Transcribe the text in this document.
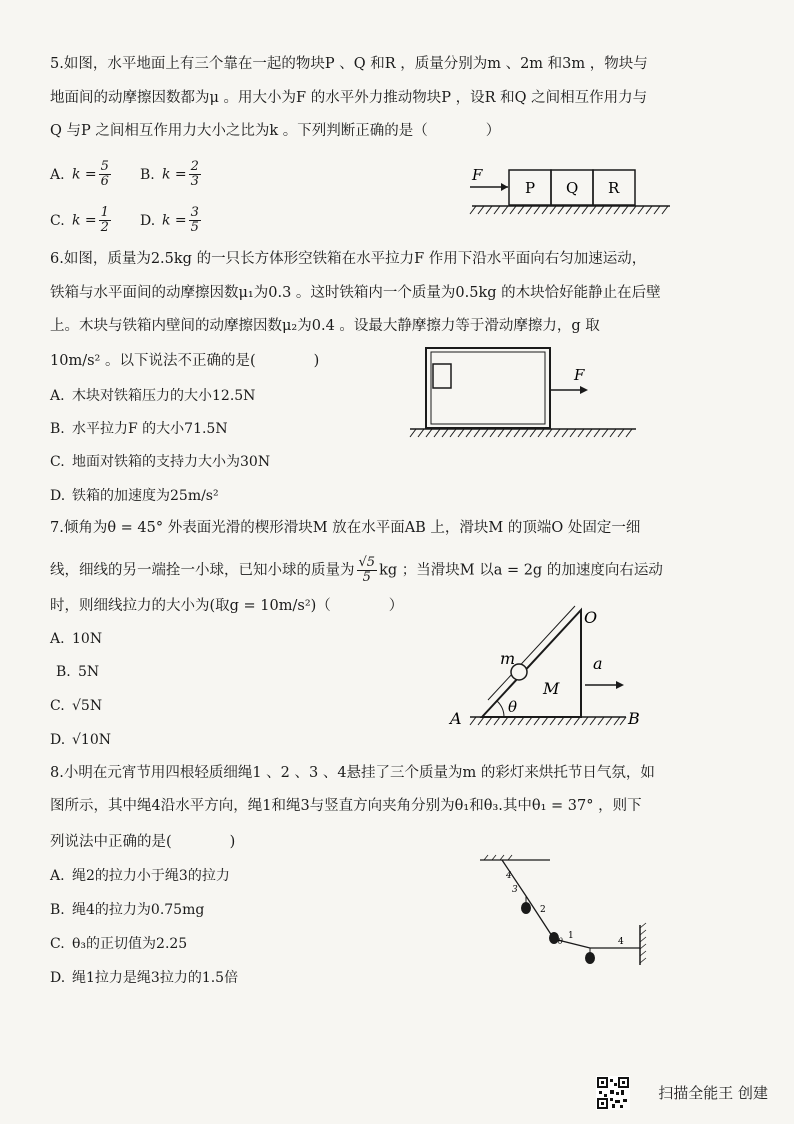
5.如图，水平地面上有三个靠在一起的物块P 、Q 和R ，质量分别为m 、2m 和3m ，物块与
地面间的动摩擦因数都为μ 。用大小为F 的水平外力推动物块P ，设R 和Q 之间相互作用力与
Q 与P 之间相互作用力大小之比为k 。下列判断正确的是（　　　　）
A. $k = \frac{5}{6} B$. $k = \frac{2}{3}$
C. $k = \frac{1}{2} D$. $k = \frac{3}{5}$
F
P Q R
6.如图，质量为2.5kg 的一只长方体形空铁箱在水平拉力F 作用下沿水平面向右匀加速运动，
铁箱与水平面间的动摩擦因数μ₁为0.3 。这时铁箱内一个质量为0.5kg 的木块恰好能静止在后壁
上。木块与铁箱内壁间的动摩擦因数μ₂为0.4 。设最大静摩擦力等于滑动摩擦力，g 取
10m/s² 。以下说法不正确的是(　　　　)
A. 木块对铁箱压力的大小12.5N
B. 水平拉力F 的大小71.5N
C. 地面对铁箱的支持力大小为30N
D. 铁箱的加速度为25m/s²
F
7.倾角为θ = 45° 外表面光滑的楔形滑块M 放在水平面AB 上，滑块M 的顶端O 处固定一细
线，细线的另一端拴一小球，已知小球的质量为 $\frac{√5}{5}$ kg ；当滑块M 以a = 2g 的加速度向右运动
时，则细线拉力的大小为(取g = 10m/s²)（　　　　）
A. 10N
B. 5N
C. √5N
D. √10N
O
m	a
M
θ
A	B
8.小明在元宵节用四根轻质细绳1 、2 、3 、4悬挂了三个质量为m 的彩灯来烘托节日气氛，如
图所示，其中绳4沿水平方向，绳1和绳3与竖直方向夹角分别为θ₁和θ₃.其中θ₁ = 37° ，则下
列说法中正确的是(　　　　)
A. 绳2的拉力小于绳3的拉力
B. 绳4的拉力为0.75mg
C. θ₃的正切值为2.25
D. 绳1拉力是绳3拉力的1.5倍
4
3
2
1
θ	4
扫描全能王 创建
